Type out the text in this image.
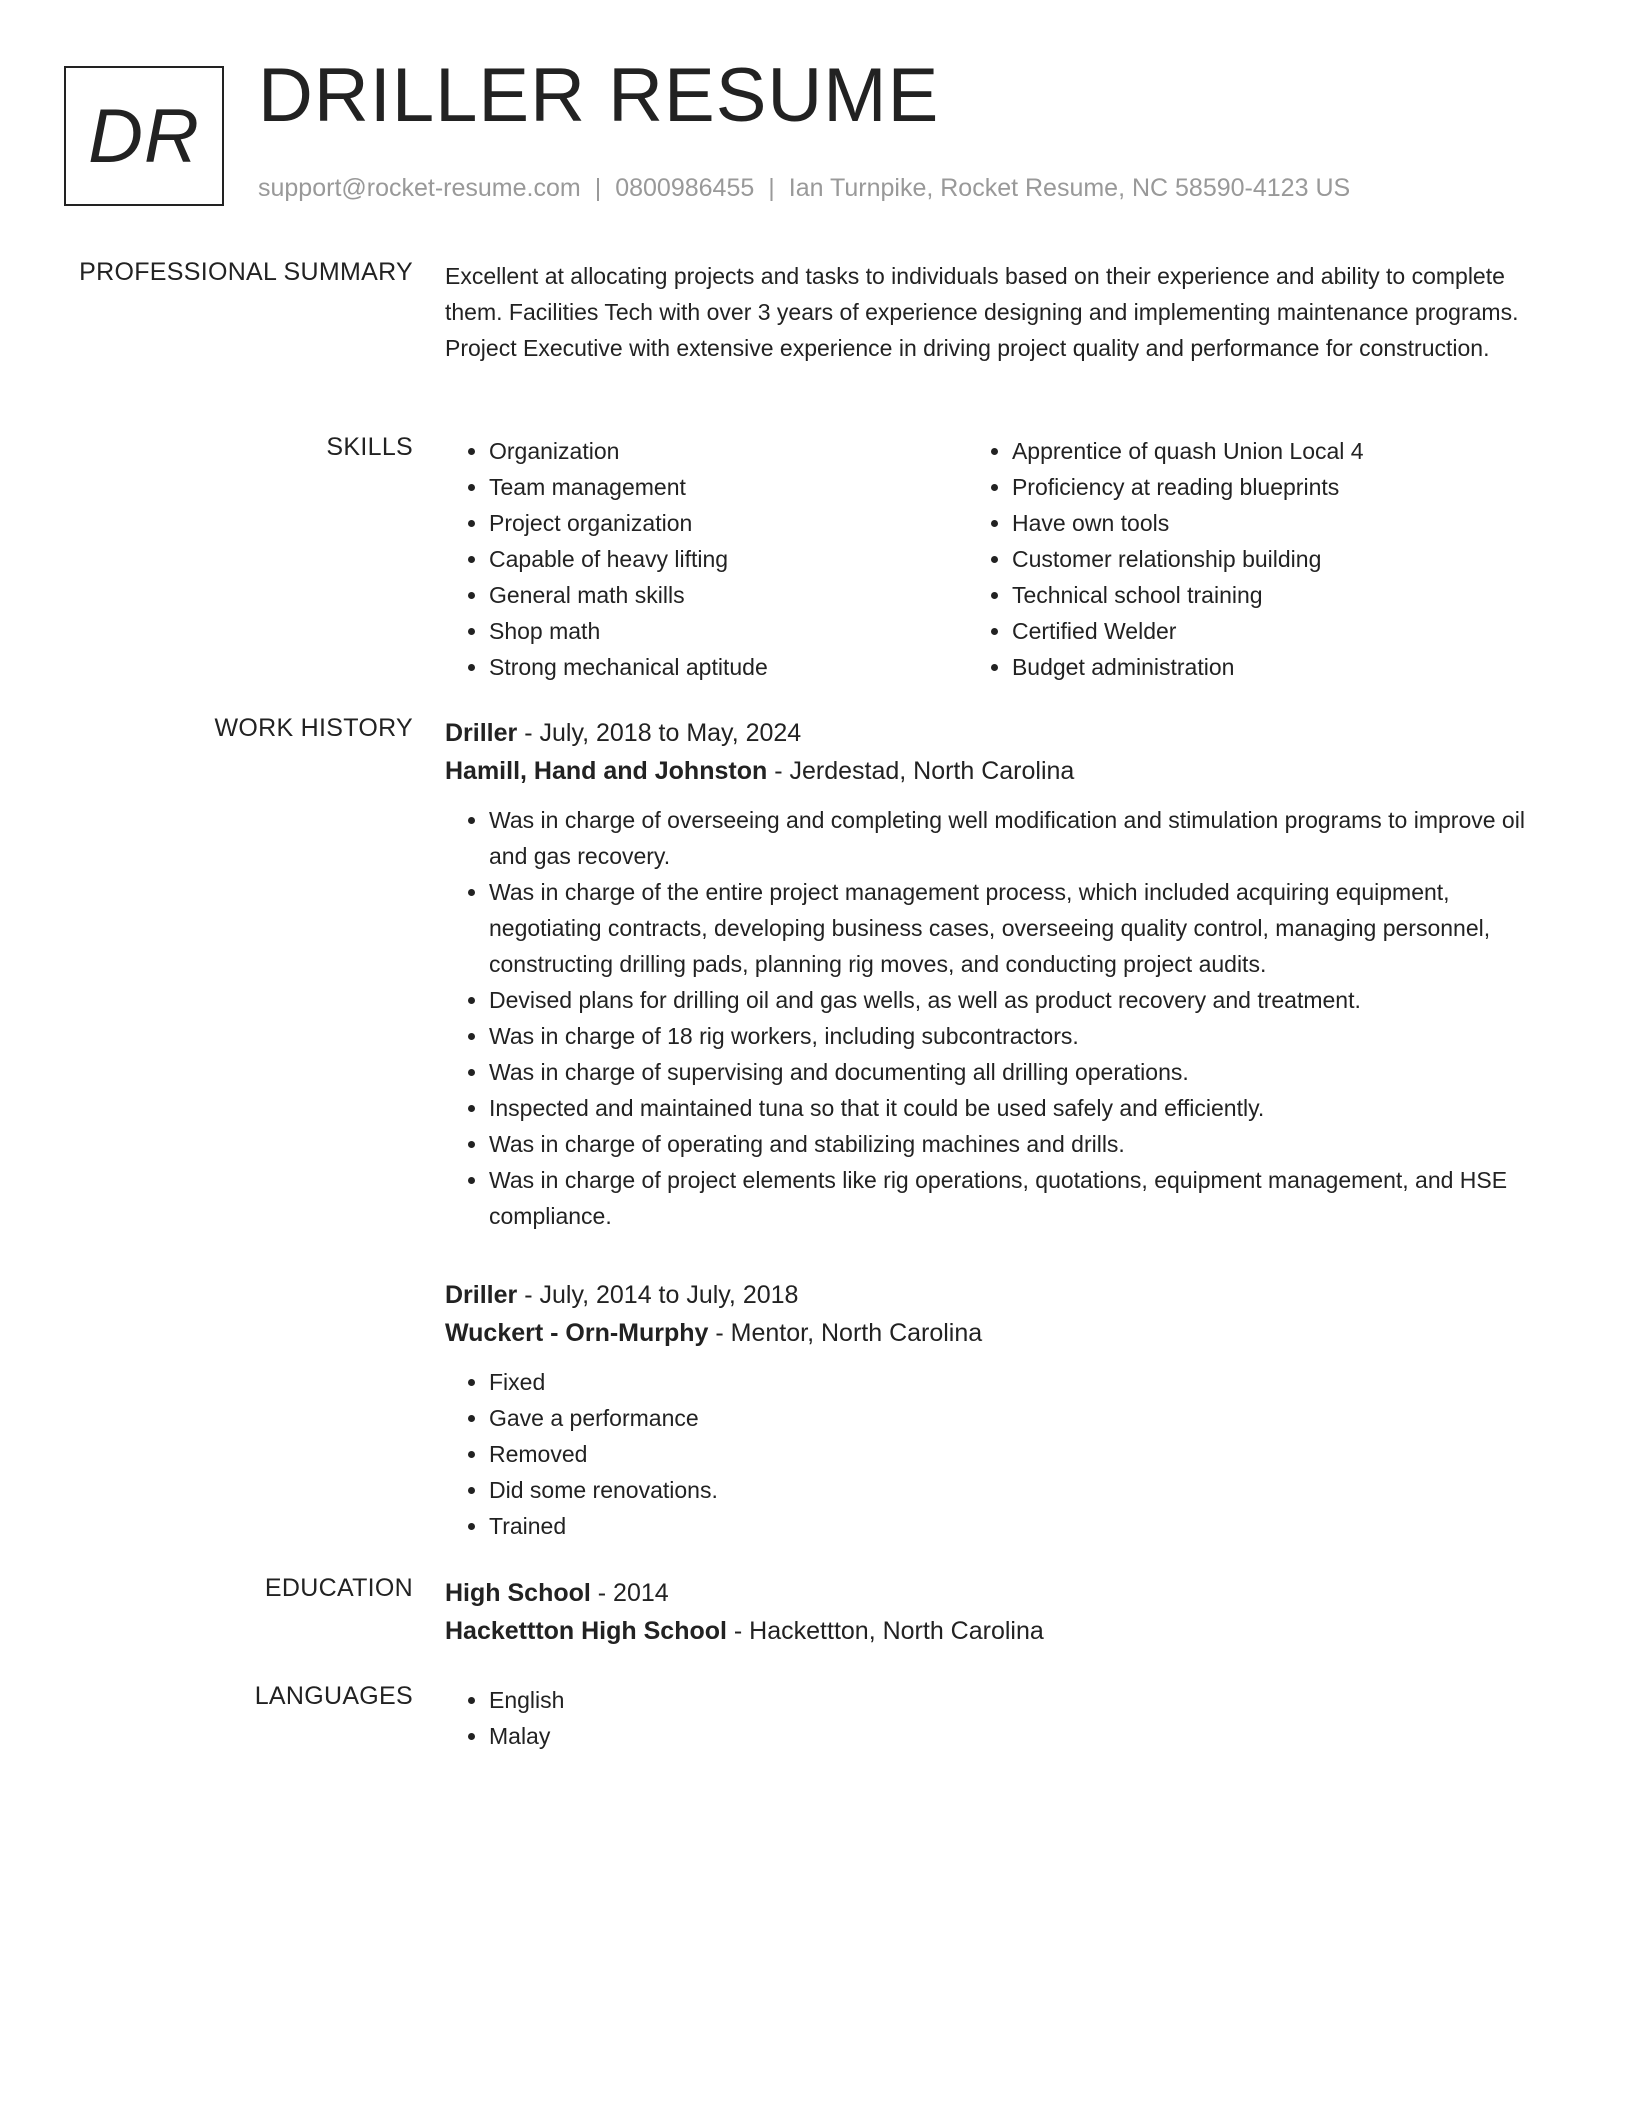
DR DRILLER RESUME
support@rocket-resume.com | 0800986455 | Ian Turnpike, Rocket Resume, NC 58590-4123 US
PROFESSIONAL SUMMARY Excellent at allocating projects and tasks to individuals based on their experience and ability to complete them. Facilities Tech with over 3 years of experience designing and implementing maintenance programs. Project Executive with extensive experience in driving project quality and performance for construction.

SKILLS	• Organization
• Team management
• Project organization
• Capable of heavy lifting
• General math skills
• Shop math
• Strong mechanical aptitude
• Apprentice of quash Union Local 4
• Proficiency at reading blueprints
• Have own tools
• Customer relationship building
• Technical school training
• Certified Welder
• Budget administration
WORK HISTORY Driller - July, 2018 to May, 2024
Hamill, Hand and Johnston - Jerdestad, North Carolina
• Was in charge of overseeing and completing well modification and stimulation programs to improve oil and gas recovery.
• Was in charge of the entire project management process, which included acquiring equipment, negotiating contracts, developing business cases, overseeing quality control, managing personnel, constructing drilling pads, planning rig moves, and conducting project audits.
• Devised plans for drilling oil and gas wells, as well as product recovery and treatment.
• Was in charge of 18 rig workers, including subcontractors.
• Was in charge of supervising and documenting all drilling operations.
• Inspected and maintained tuna so that it could be used safely and efficiently.
• Was in charge of operating and stabilizing machines and drills.
• Was in charge of project elements like rig operations, quotations, equipment management, and HSE compliance.
Driller - July, 2014 to July, 2018
Wuckert - Orn-Murphy - Mentor, North Carolina
• Fixed
• Gave a performance
• Removed
• Did some renovations.
• Trained
EDUCATION High School - 2014
Hackettton High School - Hackettton, North Carolina
LANGUAGES	• English
• Malay
